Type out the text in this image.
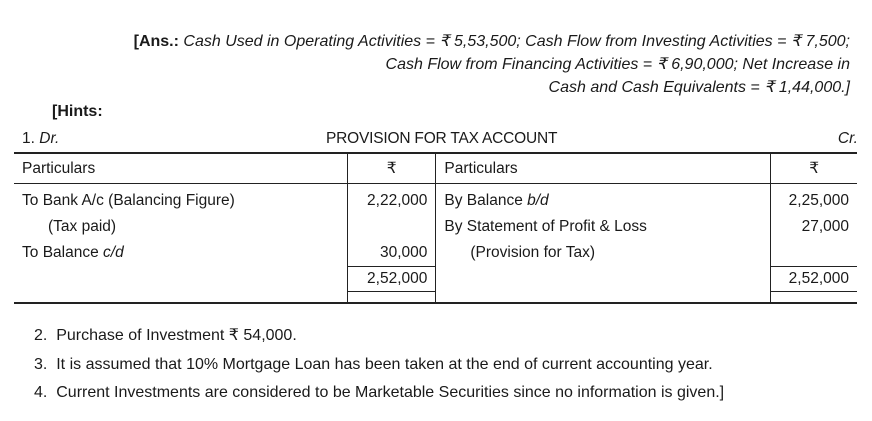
[Ans.: Cash Used in Operating Activities = ₹ 5,53,500; Cash Flow from Investing Activities = ₹ 7,500;
Cash Flow from Financing Activities = ₹ 6,90,000; Net Increase in
Cash and Cash Equivalents = ₹ 1,44,000.]
[Hints:
1. Dr.	PROVISION FOR TAX ACCOUNT	Cr.
Particulars	₹	Particulars	₹
To Bank A/c (Balancing Figure)	2,22,000	By Balance b/d	2,25,000
(Tax paid)		By Statement of Profit & Loss	27,000
To Balance c/d	30,000	(Provision for Tax)	
	2,52,000		2,52,000

2. Purchase of Investment ₹ 54,000.
3. It is assumed that 10% Mortgage Loan has been taken at the end of current accounting year.
4. Current Investments are considered to be Marketable Securities since no information is given.]
